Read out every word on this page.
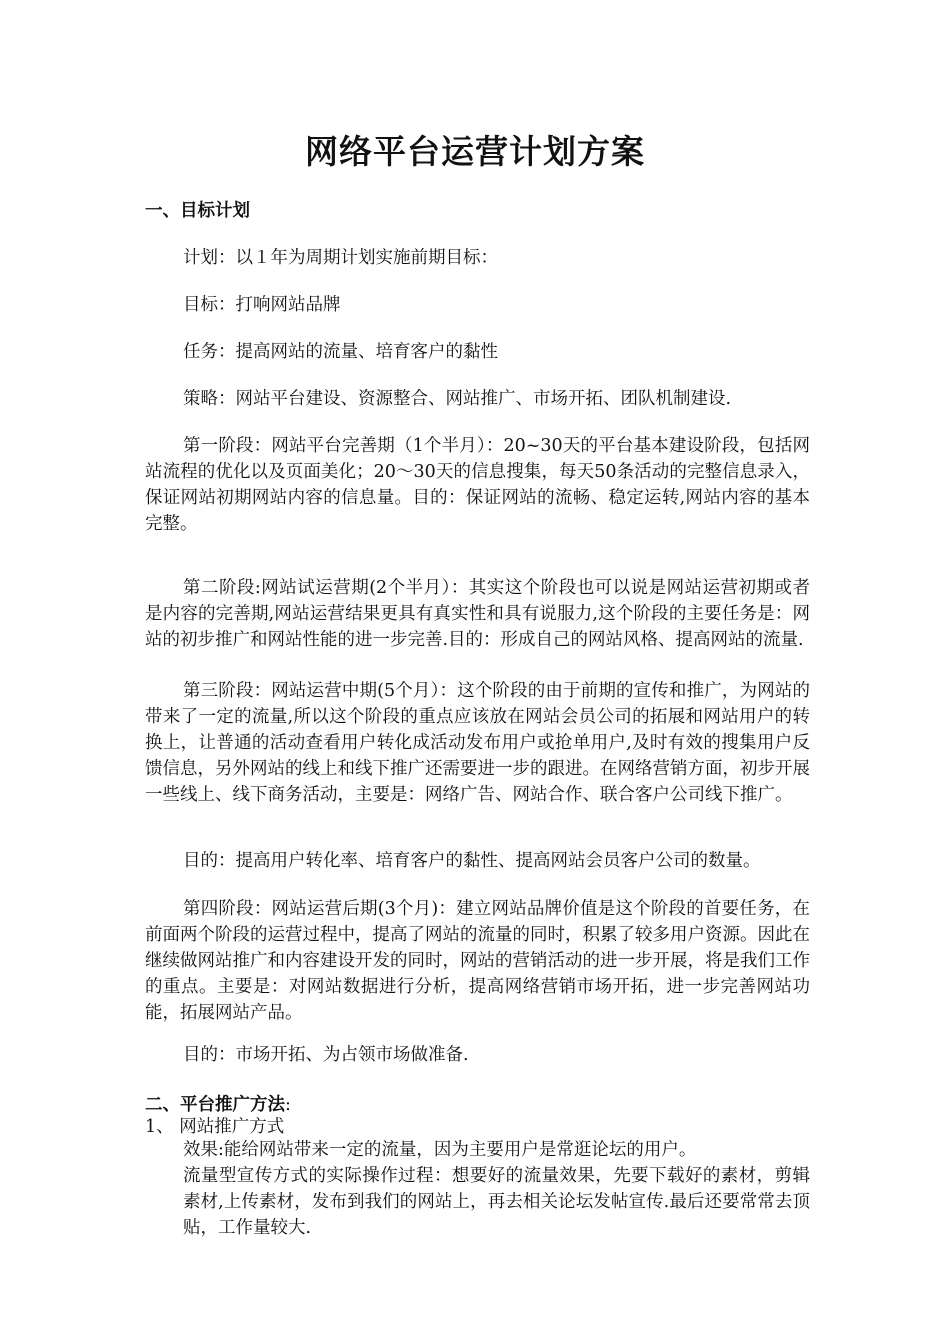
网络平台运营计划方案
一、目标计划
计划：以１年为周期计划实施前期目标：
目标：打响网站品牌
任务：提高网站的流量、培育客户的黏性
策略：网站平台建设、资源整合、网站推广、市场开拓、团队机制建设.
第一阶段：网站平台完善期（1个半月）：20~30天的平台基本建设阶段，包括网站流程的优化以及页面美化；20～30天的信息搜集，每天50条活动的完整信息录入，保证网站初期网站内容的信息量。目的：保证网站的流畅、稳定运转,网站内容的基本完整。
第二阶段:网站试运营期(2个半月）：其实这个阶段也可以说是网站运营初期或者是内容的完善期,网站运营结果更具有真实性和具有说服力,这个阶段的主要任务是：网站的初步推广和网站性能的进一步完善.目的：形成自己的网站风格、提高网站的流量.
第三阶段：网站运营中期(5个月）：这个阶段的由于前期的宣传和推广，为网站的带来了一定的流量,所以这个阶段的重点应该放在网站会员公司的拓展和网站用户的转换上，让普通的活动查看用户转化成活动发布用户或抢单用户,及时有效的搜集用户反馈信息，另外网站的线上和线下推广还需要进一步的跟进。在网络营销方面，初步开展一些线上、线下商务活动，主要是：网络广告、网站合作、联合客户公司线下推广。
目的：提高用户转化率、培育客户的黏性、提高网站会员客户公司的数量。
第四阶段：网站运营后期(3个月)：建立网站品牌价值是这个阶段的首要任务，在前面两个阶段的运营过程中，提高了网站的流量的同时，积累了较多用户资源。因此在继续做网站推广和内容建设开发的同时，网站的营销活动的进一步开展，将是我们工作的重点。主要是：对网站数据进行分析，提高网络营销市场开拓，进一步完善网站功能，拓展网站产品。
目的：市场开拓、为占领市场做准备.
二、平台推广方法:
1、 网站推广方式
效果:能给网站带来一定的流量，因为主要用户是常逛论坛的用户。
流量型宣传方式的实际操作过程：想要好的流量效果，先要下载好的素材，剪辑素材,上传素材，发布到我们的网站上，再去相关论坛发帖宣传.最后还要常常去顶贴，工作量较大.
